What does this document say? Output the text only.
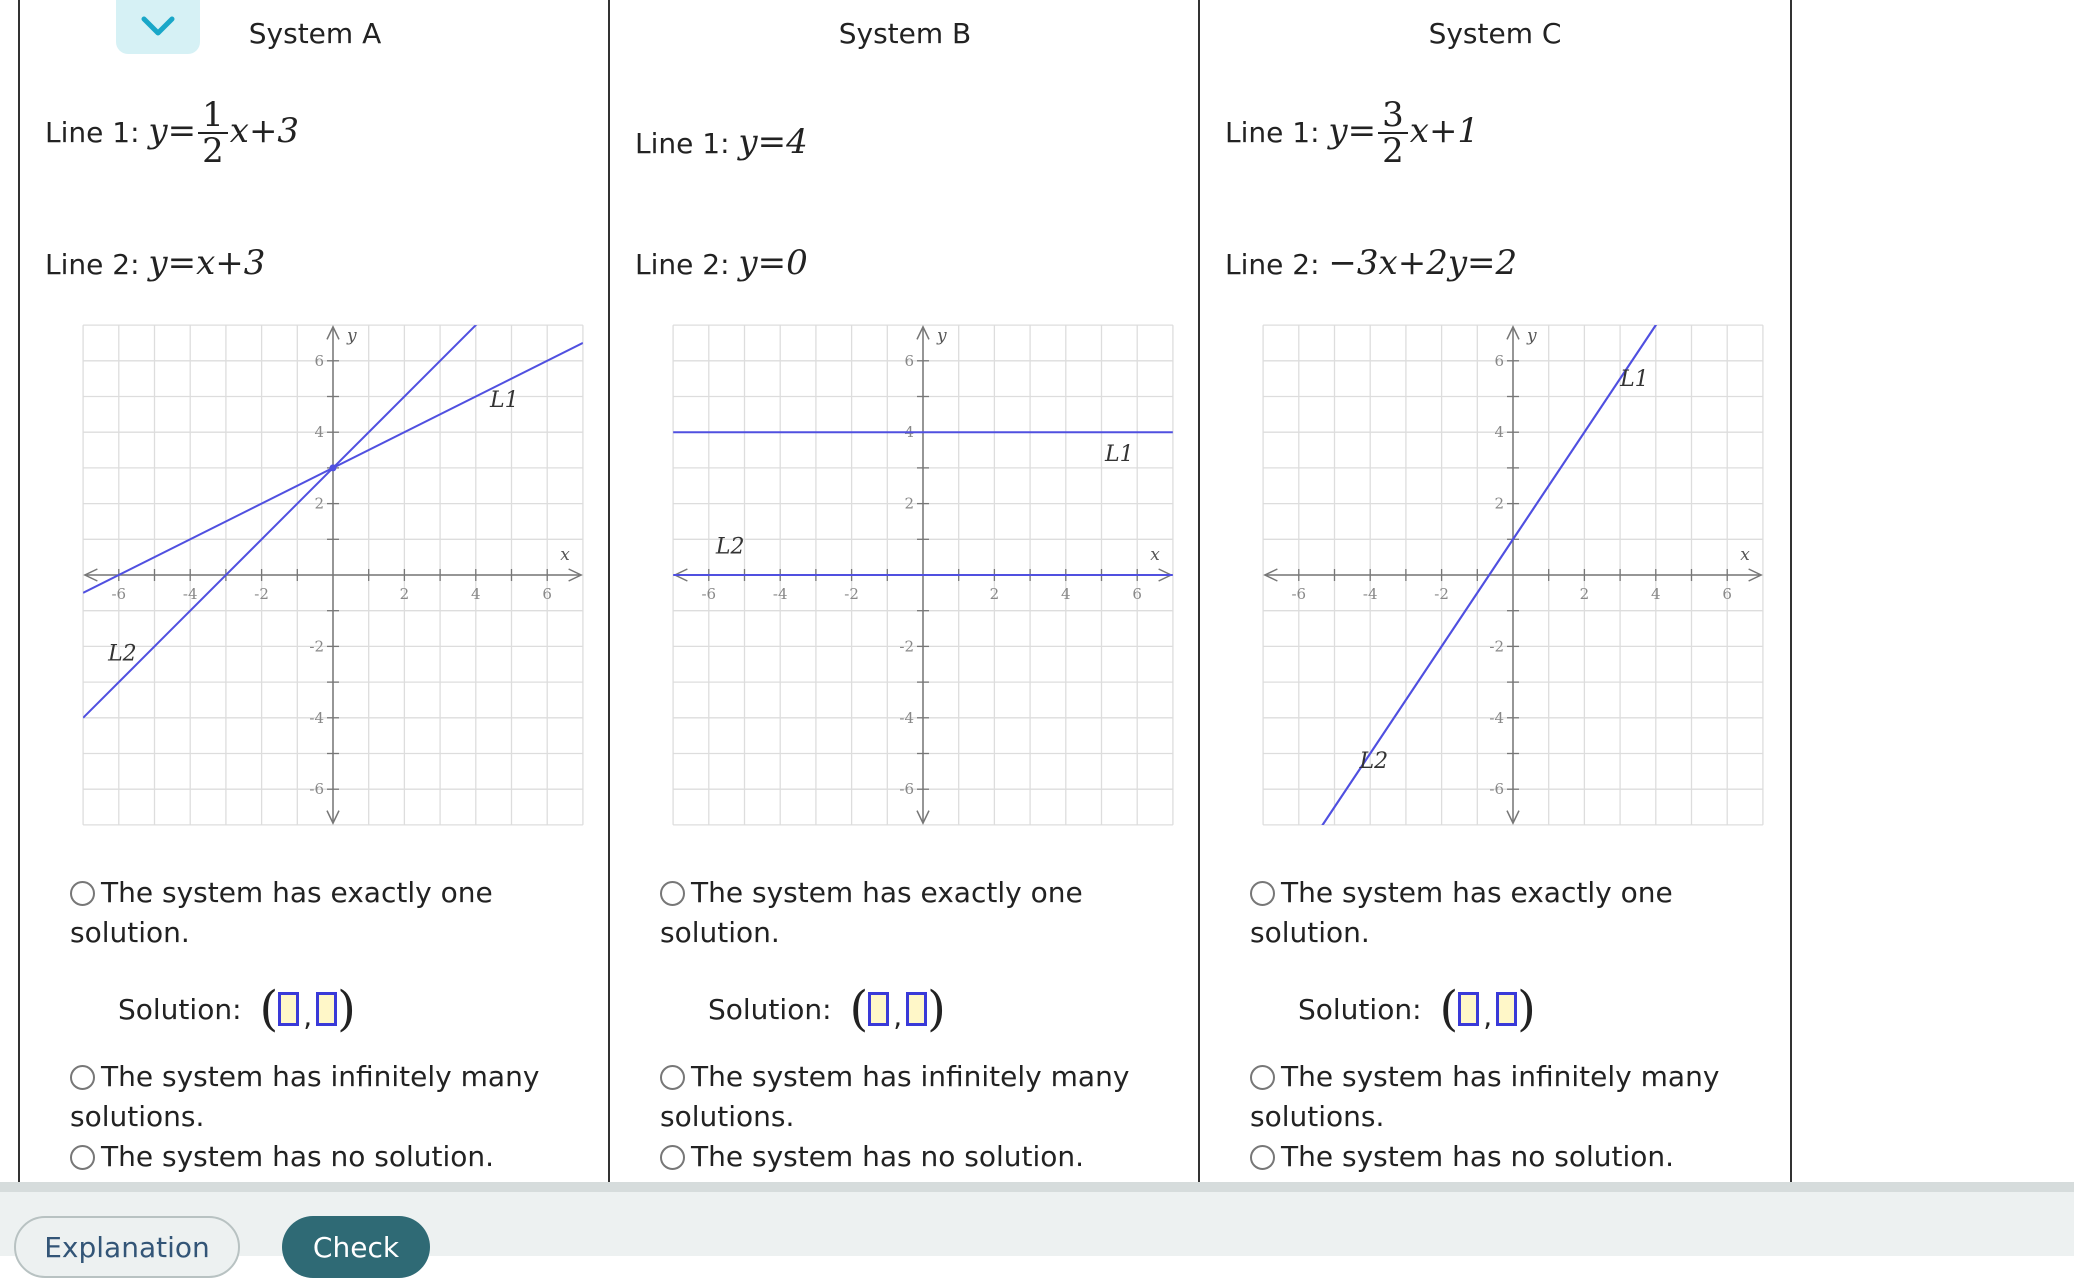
System A
Line 1: $y= \frac{1}{2} x+3$
Line 2: y=x+3
-6	-4	-2	2	4	6
6
4
2
-2
-4
-6
x
y
L1
L2
The system has exactly one solution.
Solution: ( , )
The system has infinitely many solutions.
The system has no solution.
System B
Line 1: y=4
Line 2: y=0
-6	-4	-2	2	4	6
6
4
2
-2
-4
-6
x
y
L1
L2
The system has exactly one solution.
Solution: ( , )
The system has infinitely many solutions.
The system has no solution.
System C
Line 1: $y= \frac{3}{2} x+1$
Line 2: −3x+2y=2
-6	-4	-2	2	4	6
6
4
2
-2
-4
-6
x
y
L1
L2
The system has exactly one solution.
Solution: ( , )
The system has infinitely many solutions.
The system has no solution.
Explanation	Check
